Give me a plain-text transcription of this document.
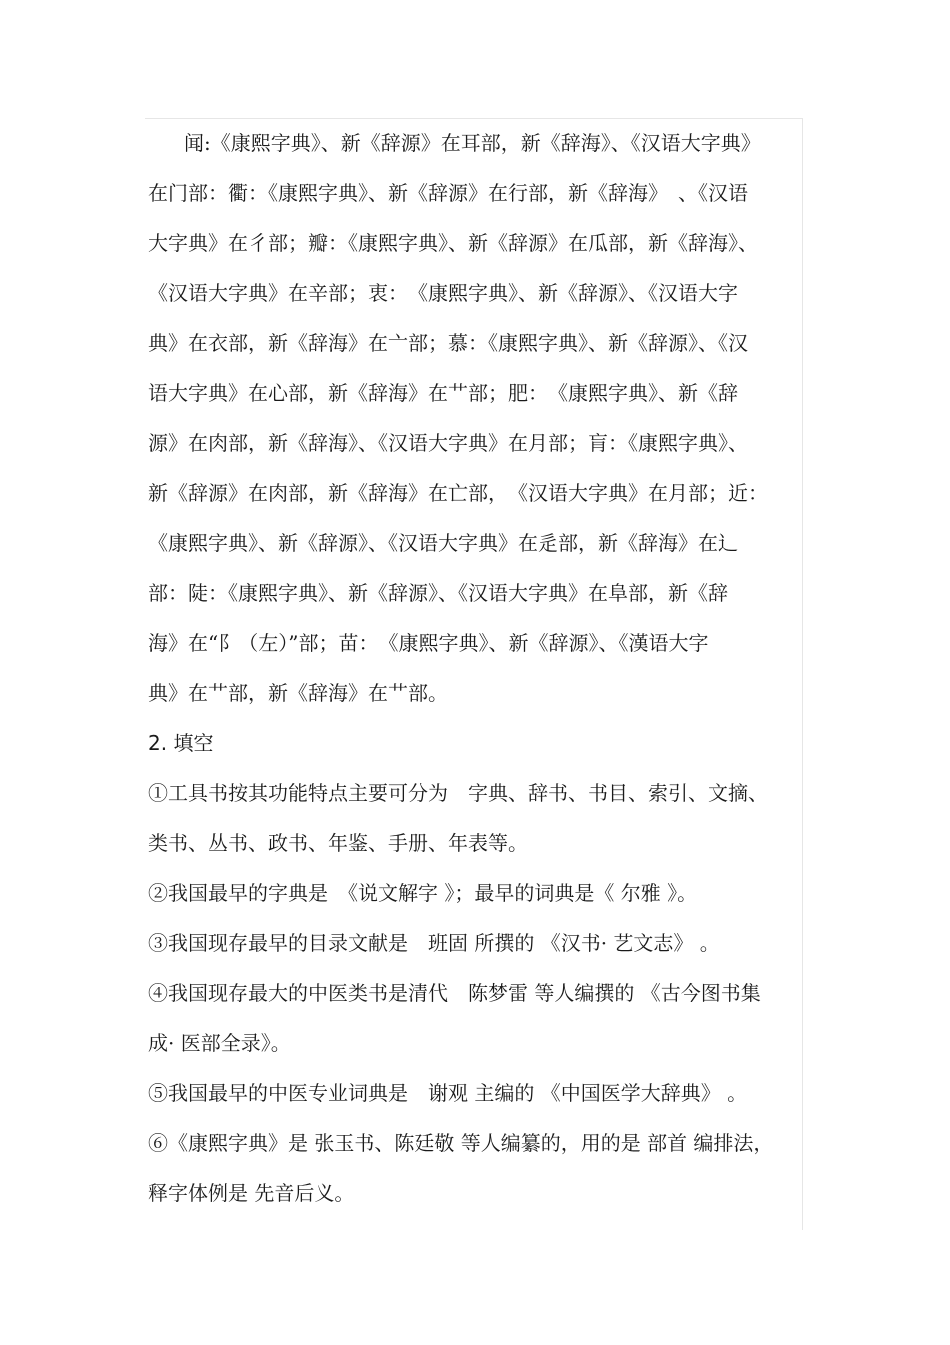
闻:《康熙字典》、新《辞源》在耳部，新《辞海》、《汉语大字典》
在门部：衢：《康熙字典》、新《辞源》在行部，新《辞海》　、《汉语
大字典》在彳部；瓣：《康熙字典》、新《辞源》在瓜部，新《辞海》、
《汉语大字典》在辛部；衷：　《康熙字典》、新《辞源》、《汉语大字
典》在衣部，新《辞海》在亠部；慕：《康熙字典》、新《辞源》、《汉
语大字典》在心部，新《辞海》在艹部；肥：　《康熙字典》、新《辞
源》在肉部，新《辞海》、《汉语大字典》在月部；肓：《康熙字典》、
新《辞源》在肉部，新《辞海》在亡部，　《汉语大字典》在月部；近：
《康熙字典》、新《辞源》、《汉语大字典》在辵部，新《辞海》在辶
部：陡：《康熙字典》、新《辞源》、《汉语大字典》在阜部，新《辞
海》在“阝（左）”部；苗：　《康熙字典》、新《辞源》、《漢语大字
典》在艹部，新《辞海》在艹部。
2. 填空
①工具书按其功能特点主要可分为　字典、辞书、书目、索引、文摘、
类书、丛书、政书、年鉴、手册、年表等。
②我国最早的字典是　《说文解字 》；最早的词典是《 尔雅 》。
③我国现存最早的目录文献是　班固 所撰的 《汉书· 艺文志》 。
④我国现存最大的中医类书是清代　陈梦雷 等人编撰的 《古今图书集
成· 医部全录》。
⑤我国最早的中医专业词典是　谢观 主编的 《中国医学大辞典》 。
⑥《康熙字典》是 张玉书、陈廷敬 等人编纂的，用的是 部首 编排法，
释字体例是 先音后义。
